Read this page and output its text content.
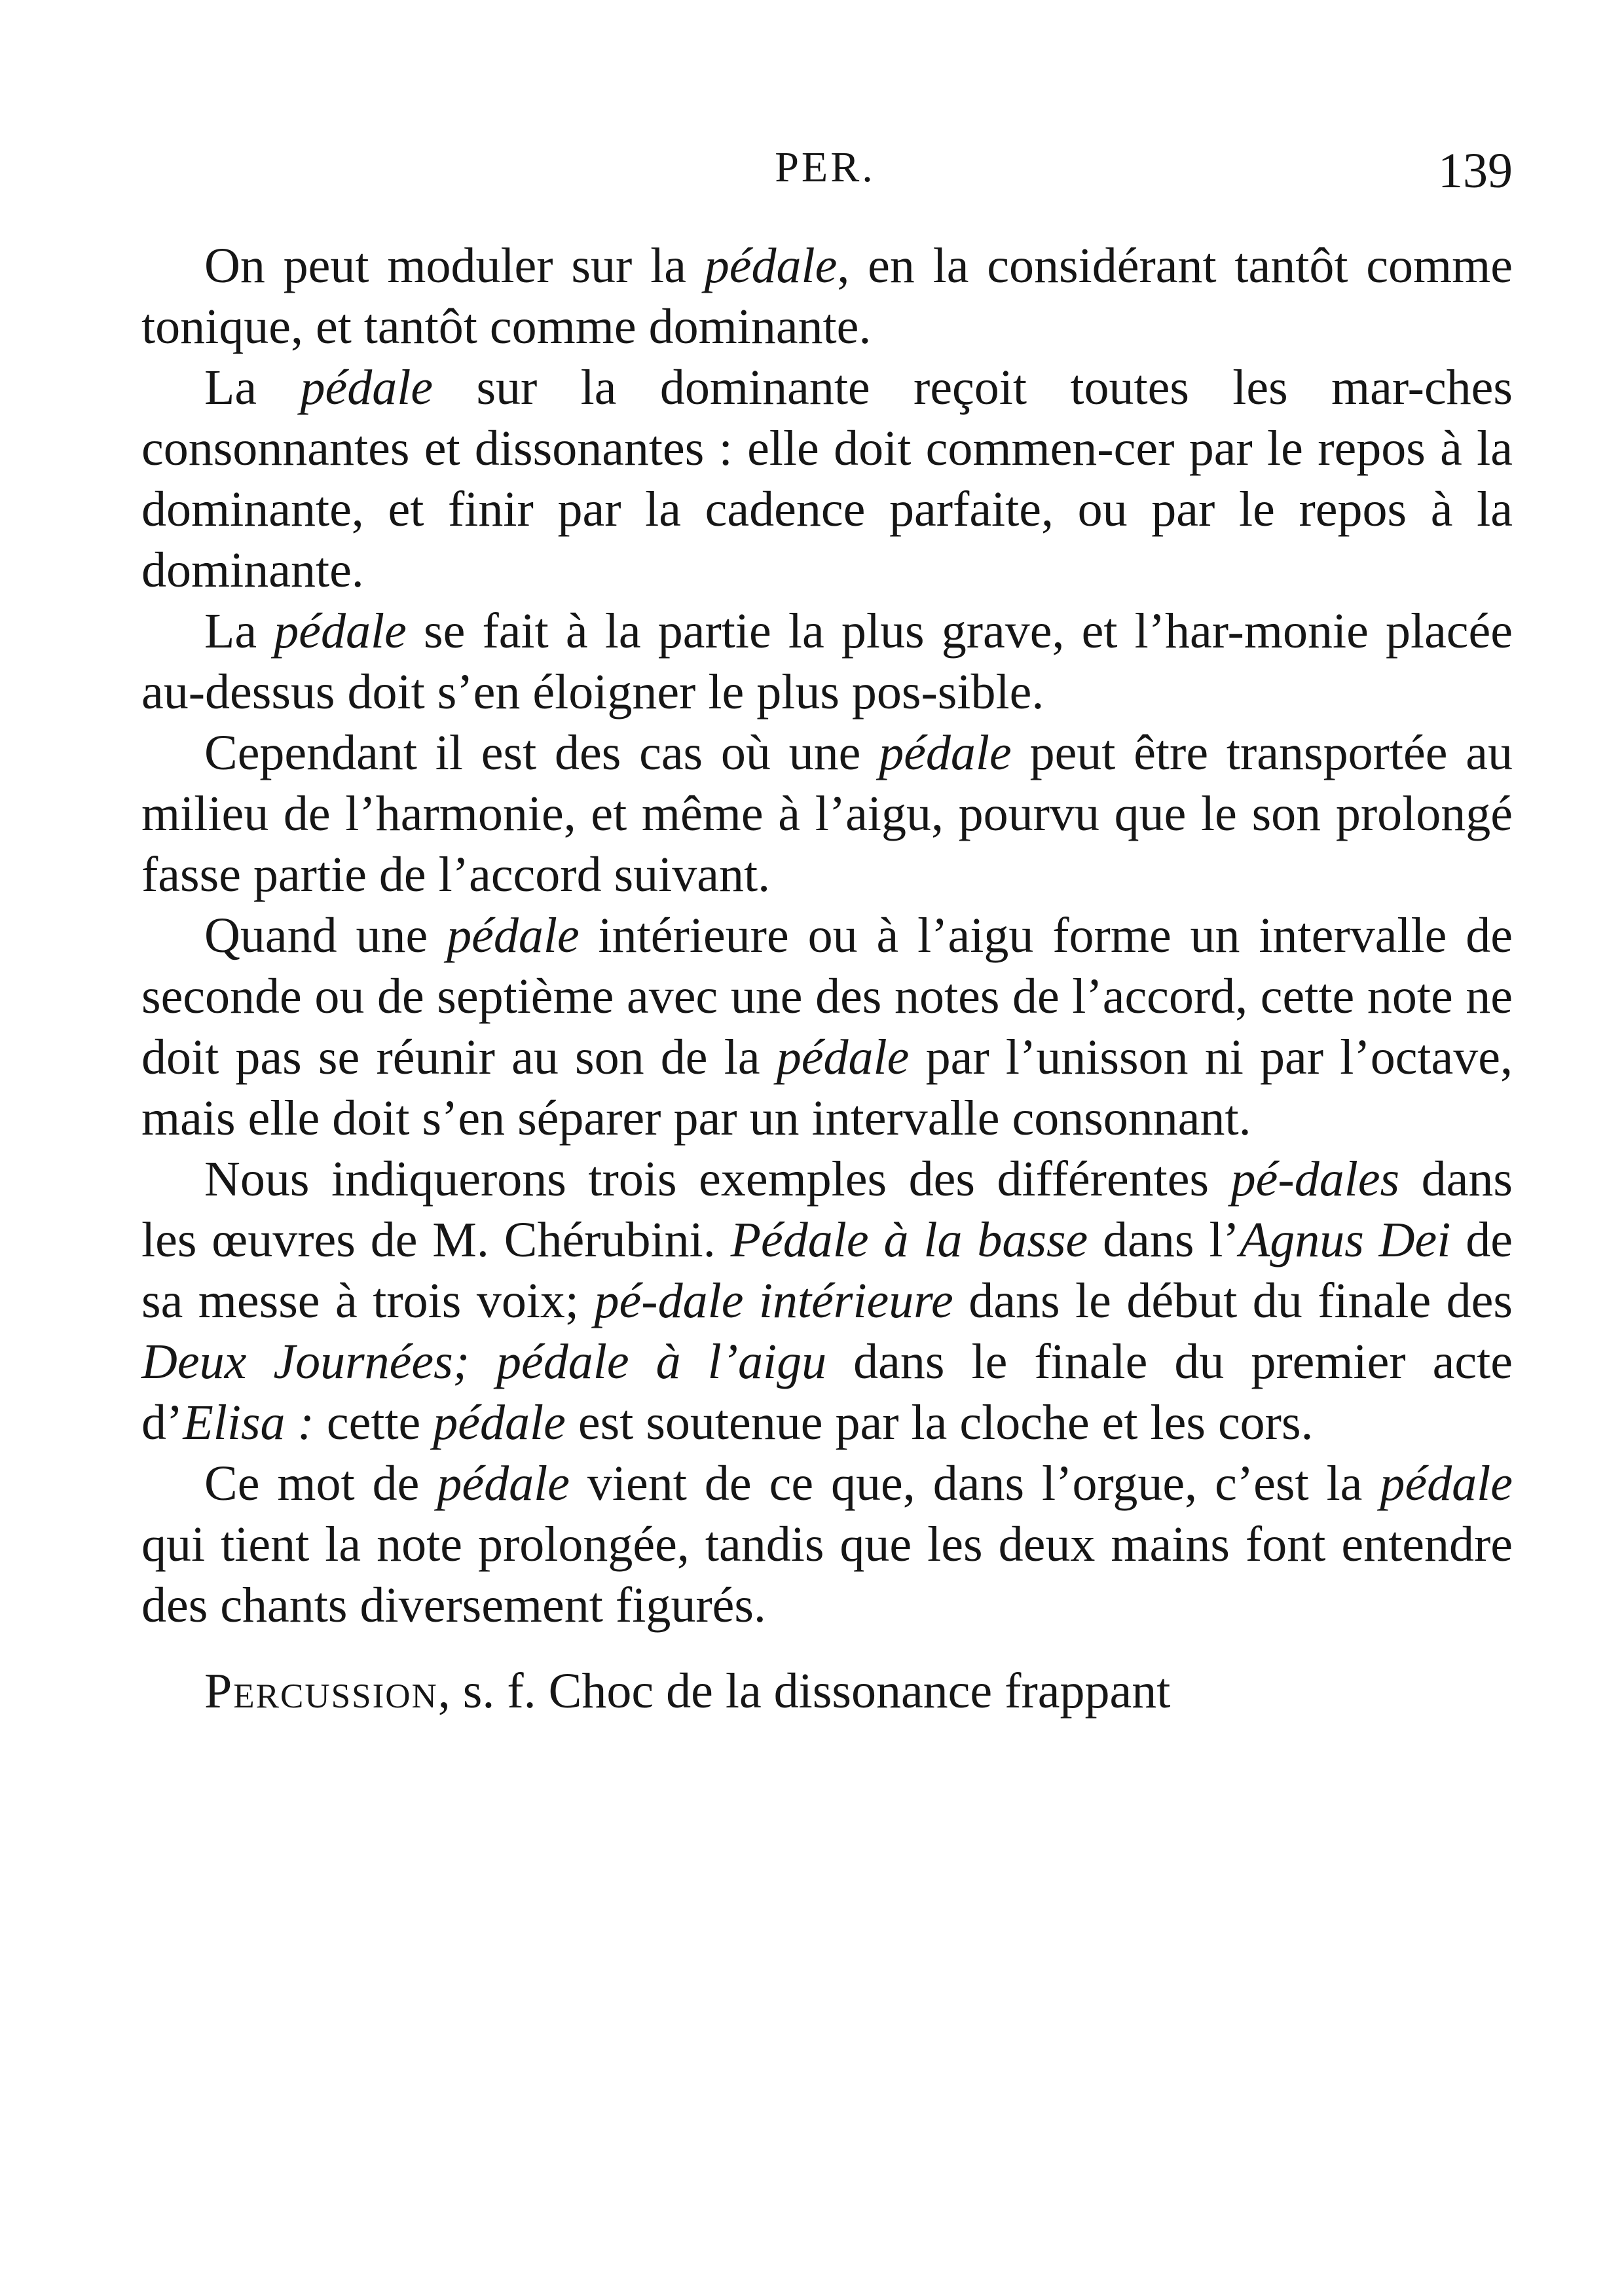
PER.	139

On peut moduler sur la pédale, en la considérant tantôt comme tonique, et tantôt comme dominante.

La pédale sur la dominante reçoit toutes les mar-ches consonnantes et dissonantes : elle doit commen-cer par le repos à la dominante, et finir par la cadence parfaite, ou par le repos à la dominante.

La pédale se fait à la partie la plus grave, et l’har-monie placée au-dessus doit s’en éloigner le plus pos-sible.

Cependant il est des cas où une pédale peut être transportée au milieu de l’harmonie, et même à l’aigu, pourvu que le son prolongé fasse partie de l’accord suivant.

Quand une pédale intérieure ou à l’aigu forme un intervalle de seconde ou de septième avec une des notes de l’accord, cette note ne doit pas se réunir au son de la pédale par l’unisson ni par l’octave, mais elle doit s’en séparer par un intervalle consonnant.

Nous indiquerons trois exemples des différentes pé-dales dans les œuvres de M. Chérubini. Pédale à la basse dans l’Agnus Dei de sa messe à trois voix; pé-dale intérieure dans le début du finale des Deux Journées; pédale à l’aigu dans le finale du premier acte d’Elisa : cette pédale est soutenue par la cloche et les cors.

Ce mot de pédale vient de ce que, dans l’orgue, c’est la pédale qui tient la note prolongée, tandis que les deux mains font entendre des chants diversement figurés.

Percussion, s. f. Choc de la dissonance frappant
